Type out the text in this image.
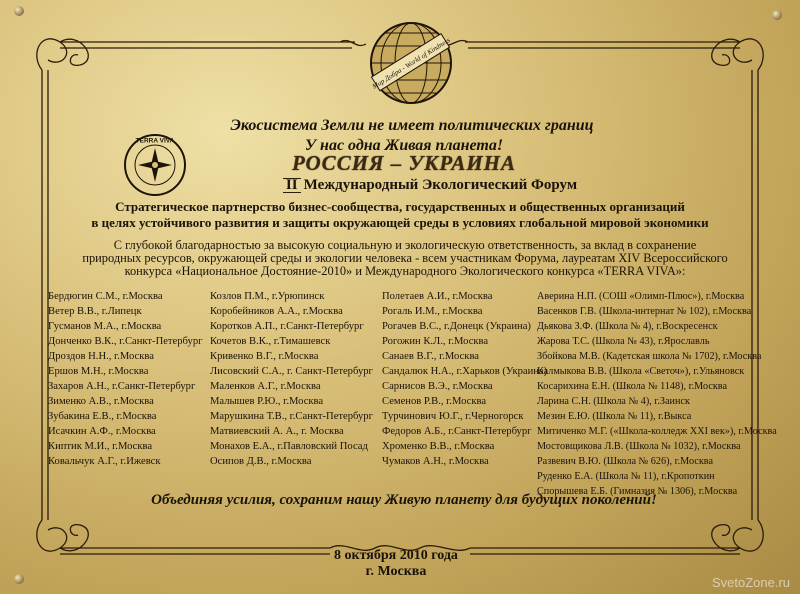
Мир Добра - World of Kindness
TERRA VIVA
Экосистема Земли не имеет политических границ
У нас одна Живая планета!
РОССИЯ – УКРАИНА
II Международный Экологический Форум
Стратегическое партнерство бизнес-сообщества, государственных и общественных организаций
в целях устойчивого развития и защиты окружающей среды в условиях глобальной мировой экономики
С глубокой благодарностью за высокую социальную и экологическую ответственность, за вклад в сохранение
природных ресурсов, окружающей среды и экологии человека - всем участникам Форума, лауреатам XIV Всероссийского
конкурса «Национальное Достояние-2010» и Международного Экологического конкурса «TERRA VIVA»:
Бердюгин С.М., г.Москва
Ветер В.В., г.Липецк
Гусманов М.А., г.Москва
Донченко В.К., г.Санкт-Петербург
Дроздов Н.Н., г.Москва
Ершов М.Н., г.Москва
Захаров А.Н., г.Санкт-Петербург
Зименко А.В., г.Москва
Зубакина Е.В., г.Москва
Исачкин А.Ф., г.Москва
Киптик М.И., г.Москва
Ковальчук А.Г., г.Ижевск
Козлов П.М., г.Урюпинск
Коробейников А.А., г.Москва
Коротков А.П., г.Санкт-Петербург
Кочетов В.К., г.Тимашевск
Кривенко В.Г., г.Москва
Лисовский С.А., г. Санкт-Петербург
Маленков А.Г., г.Москва
Малышев Р.Ю., г.Москва
Марушкина Т.В., г.Санкт-Петербург
Матвиевский А. А., г. Москва
Монахов Е.А., г.Павловский Посад
Осипов Д.В., г.Москва
Полетаев А.И., г.Москва
Рогаль И.М., г.Москва
Рогачев В.С., г.Донецк (Украина)
Рогожин К.Л., г.Москва
Санаев В.Г., г.Москва
Сандалюк Н.А., г.Харьков (Украина)
Сарнисов В.Э., г.Москва
Семенов Р.В., г.Москва
Турчинович Ю.Г., г.Черногорск
Федоров А.Б., г.Санкт-Петербург
Хроменко В.В., г.Москва
Чумаков А.Н., г.Москва
Аверина Н.П. (СОШ «Олимп-Плюс»), г.Москва
Васенков Г.В. (Школа-интернат № 102), г.Москва
Дьякова З.Ф. (Школа № 4), г.Воскресенск
Жарова Т.С. (Школа № 43), г.Ярославль
Збойкова М.В. (Кадетская школа № 1702), г.Москва
Калмыкова В.В. (Школа «Светоч»), г.Ульяновск
Косарихина Е.Н. (Школа № 1148), г.Москва
Ларина С.Н. (Школа № 4), г.Заинск
Мезин Е.Ю. (Школа № 11), г.Выкса
Митиченко М.Г. («Школа-колледж XXI век»), г.Москва
Мостовщикова Л.В. (Школа № 1032), г.Москва
Развевич В.Ю. (Школа № 626), г.Москва
Руденко Е.А. (Школа № 11), г.Кропоткин
Спорышева Е.Б. (Гимназия № 1306), г.Москва
Объединяя усилия, сохраним нашу Живую планету для будущих поколений!
8 октября 2010 года
г. Москва
SvetoZone.ru
